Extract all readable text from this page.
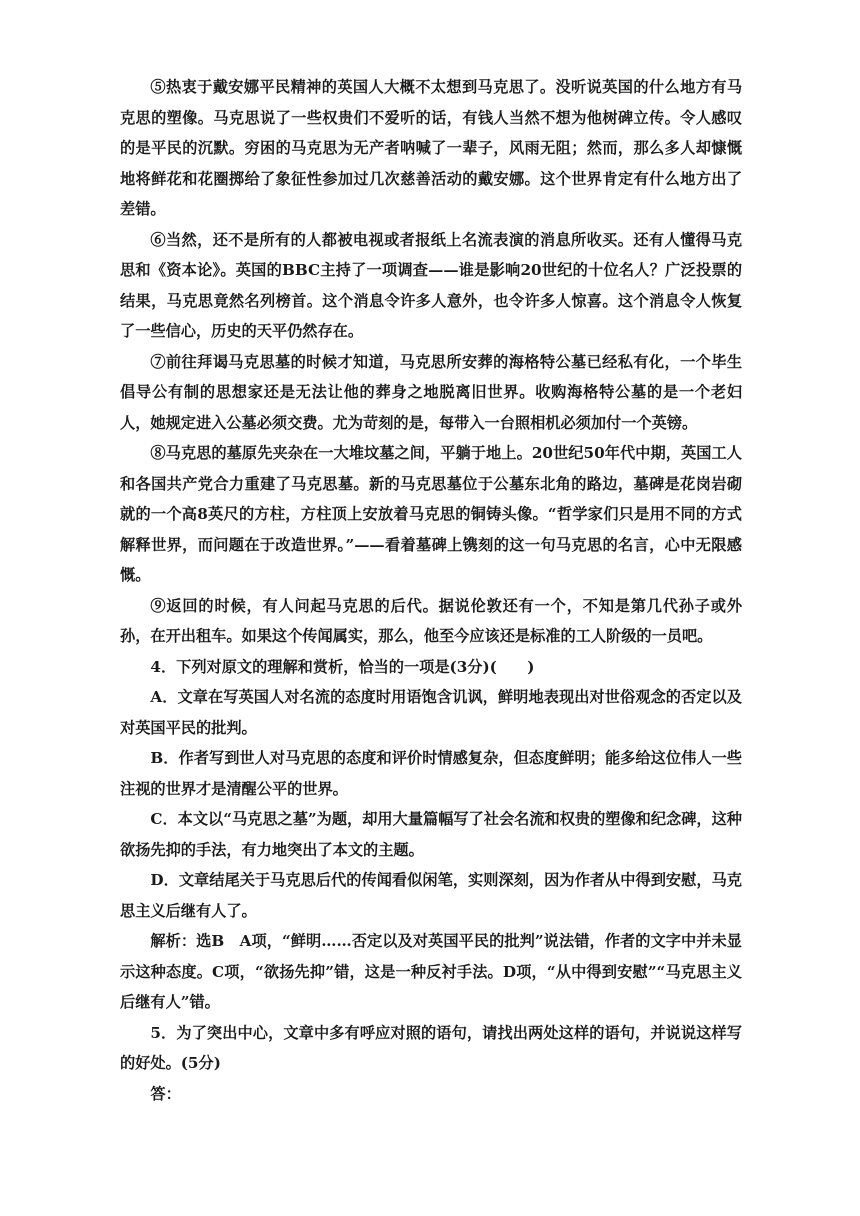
⑤热衷于戴安娜平民精神的英国人大概不太想到马克思了。没听说英国的什么地方有马克思的塑像。马克思说了一些权贵们不爱听的话，有钱人当然不想为他树碑立传。令人感叹的是平民的沉默。穷困的马克思为无产者呐喊了一辈子，风雨无阻；然而，那么多人却慷慨地将鲜花和花圈掷给了象征性参加过几次慈善活动的戴安娜。这个世界肯定有什么地方出了差错。

⑥当然，还不是所有的人都被电视或者报纸上名流表演的消息所收买。还有人懂得马克思和《资本论》。英国的BBC主持了一项调查——谁是影响20世纪的十位名人？广泛投票的结果，马克思竟然名列榜首。这个消息令许多人意外，也令许多人惊喜。这个消息令人恢复了一些信心，历史的天平仍然存在。

⑦前往拜谒马克思墓的时候才知道，马克思所安葬的海格特公墓已经私有化，一个毕生倡导公有制的思想家还是无法让他的葬身之地脱离旧世界。收购海格特公墓的是一个老妇人，她规定进入公墓必须交费。尤为苛刻的是，每带入一台照相机必须加付一个英镑。

⑧马克思的墓原先夹杂在一大堆坟墓之间，平躺于地上。20世纪50年代中期，英国工人和各国共产党合力重建了马克思墓。新的马克思墓位于公墓东北角的路边，墓碑是花岗岩砌就的一个高8英尺的方柱，方柱顶上安放着马克思的铜铸头像。“哲学家们只是用不同的方式解释世界，而问题在于改造世界。”——看着墓碑上镌刻的这一句马克思的名言，心中无限感慨。

⑨返回的时候，有人问起马克思的后代。据说伦敦还有一个，不知是第几代孙子或外孙，在开出租车。如果这个传闻属实，那么，他至今应该还是标准的工人阶级的一员吧。

4．下列对原文的理解和赏析，恰当的一项是(3分)(　　)

A．文章在写英国人对名流的态度时用语饱含讥讽，鲜明地表现出对世俗观念的否定以及对英国平民的批判。

B．作者写到世人对马克思的态度和评价时情感复杂，但态度鲜明；能多给这位伟人一些注视的世界才是清醒公平的世界。

C．本文以“马克思之墓”为题，却用大量篇幅写了社会名流和权贵的塑像和纪念碑，这种欲扬先抑的手法，有力地突出了本文的主题。

D．文章结尾关于马克思后代的传闻看似闲笔，实则深刻，因为作者从中得到安慰，马克思主义后继有人了。

解析：选B　A项，“鲜明……否定以及对英国平民的批判”说法错，作者的文字中并未显示这种态度。C项，“欲扬先抑”错，这是一种反衬手法。D项，“从中得到安慰”“马克思主义后继有人”错。

5．为了突出中心，文章中多有呼应对照的语句，请找出两处这样的语句，并说说这样写的好处。(5分)

答：
